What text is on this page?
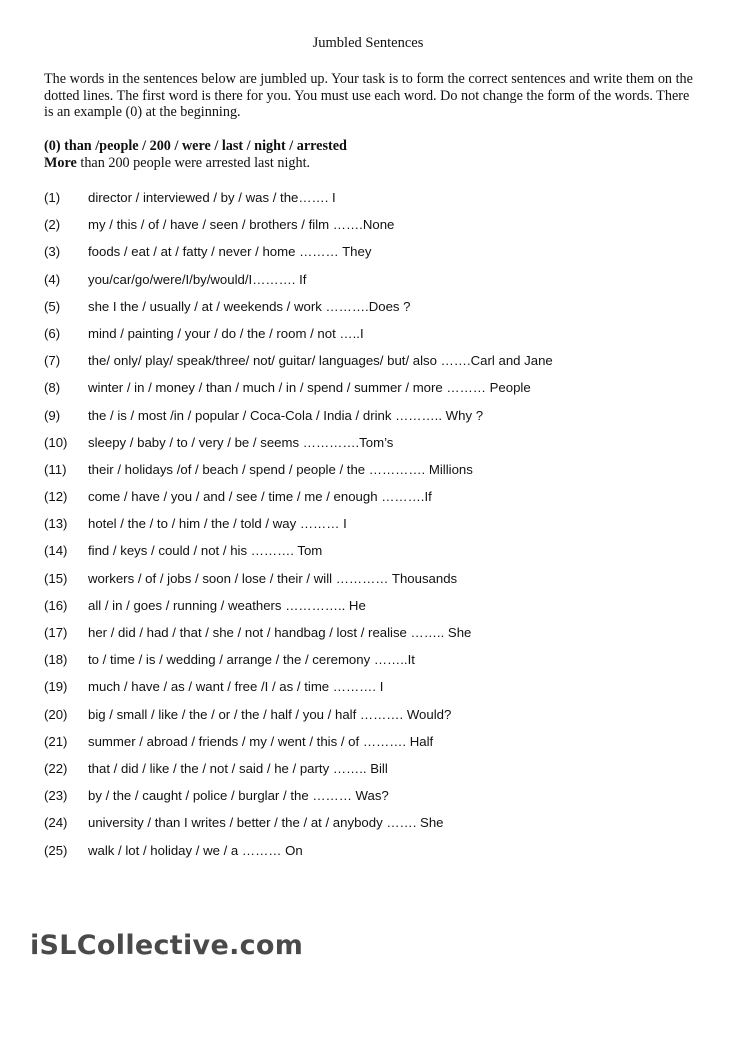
Jumbled Sentences

The words in the sentences below are jumbled up. Your task is to form the correct sentences and write them on the dotted lines. The first word is there for you. You must use each word. Do not change the form of the words. There is an example (0) at the beginning.

(0) than /people / 200 / were / last / night / arrested
More than 200 people were arrested last night.
(1) director / interviewed / by / was / the……. I
(2) my / this / of / have / seen / brothers / film …….None
(3) foods / eat / at / fatty / never / home ……… They
(4) you/car/go/were/I/by/would/I………. If
(5) she I the / usually / at / weekends / work ……….Does ?
(6) mind / painting / your / do / the / room / not …..I
(7) the/ only/ play/ speak/three/ not/ guitar/ languages/ but/ also …….Carl and Jane
(8) winter / in / money / than / much / in / spend / summer / more ……… People
(9) the / is / most /in / popular / Coca-Cola / India / drink ……….. Why ?
(10) sleepy / baby / to / very / be / seems ………….Tom’s
(11) their / holidays /of / beach / spend / people / the …………. Millions
(12) come / have / you / and / see / time / me / enough ……….If
(13) hotel / the / to / him / the / told / way ……… I
(14) find / keys / could / not / his ………. Tom
(15) workers / of / jobs / soon / lose / their / will ………… Thousands
(16) all / in / goes / running / weathers ………….. He
(17) her / did / had / that / she / not / handbag / lost / realise …….. She
(18) to / time / is / wedding / arrange / the / ceremony ……..It
(19) much / have / as / want / free /I / as / time ………. I
(20) big / small / like / the / or / the / half / you / half ………. Would?
(21) summer / abroad / friends / my / went / this / of ………. Half
(22) that / did / like / the / not / said / he / party …….. Bill
(23) by / the / caught / police / burglar / the ……… Was?
(24) university / than I writes / better / the / at / anybody ……. She
(25) walk / lot / holiday / we / a ……… On
iSLCollective.com
